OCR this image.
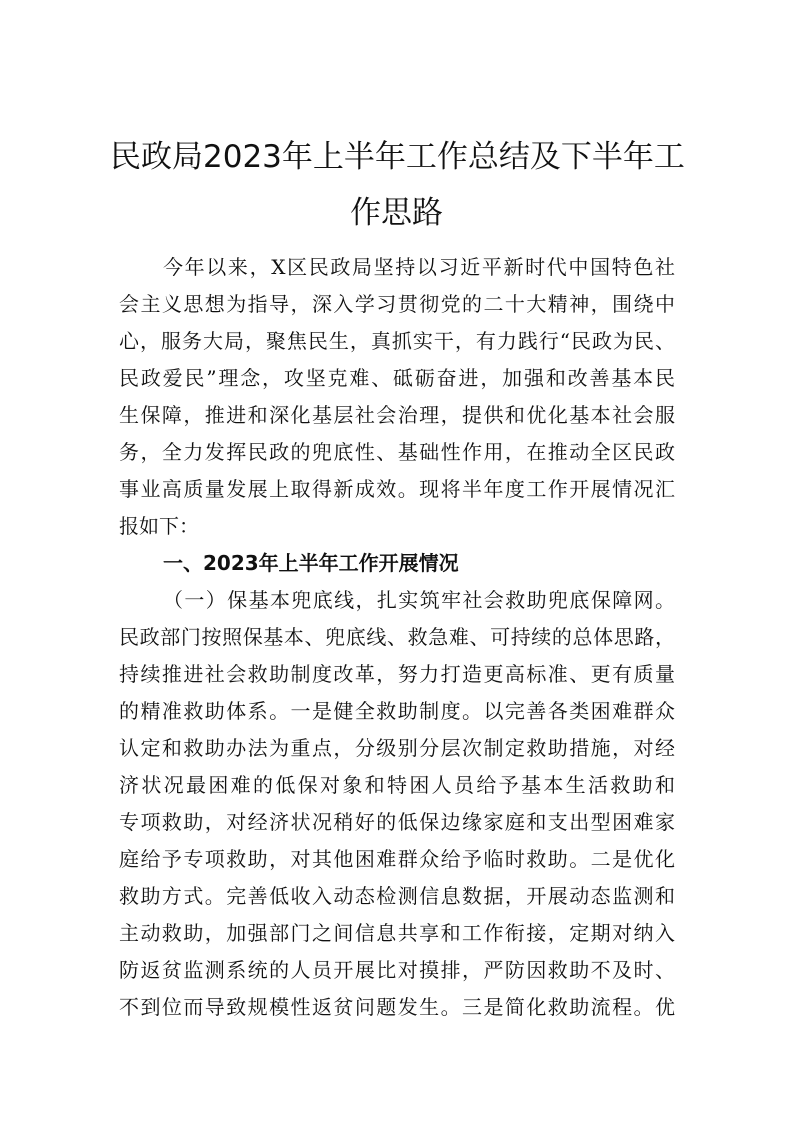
民政局2023年上半年工作总结及下半年工
作思路

今年以来，X区民政局坚持以习近平新时代中国特色社

会主义思想为指导，深入学习贯彻党的二十大精神，围绕中

心，服务大局，聚焦民生，真抓实干，有力践行“民政为民、

民政爱民”理念，攻坚克难、砥砺奋进，加强和改善基本民

生保障，推进和深化基层社会治理，提供和优化基本社会服

务，全力发挥民政的兜底性、基础性作用，在推动全区民政

事业高质量发展上取得新成效。现将半年度工作开展情况汇

报如下：

一、2023年上半年工作开展情况

（一）保基本兜底线，扎实筑牢社会救助兜底保障网。

民政部门按照保基本、兜底线、救急难、可持续的总体思路，

持续推进社会救助制度改革，努力打造更高标准、更有质量

的精准救助体系。一是健全救助制度。以完善各类困难群众

认定和救助办法为重点，分级别分层次制定救助措施，对经

济状况最困难的低保对象和特困人员给予基本生活救助和

专项救助，对经济状况稍好的低保边缘家庭和支出型困难家

庭给予专项救助，对其他困难群众给予临时救助。二是优化

救助方式。完善低收入动态检测信息数据，开展动态监测和

主动救助，加强部门之间信息共享和工作衔接，定期对纳入

防返贫监测系统的人员开展比对摸排，严防因救助不及时、

不到位而导致规模性返贫问题发生。三是简化救助流程。优
